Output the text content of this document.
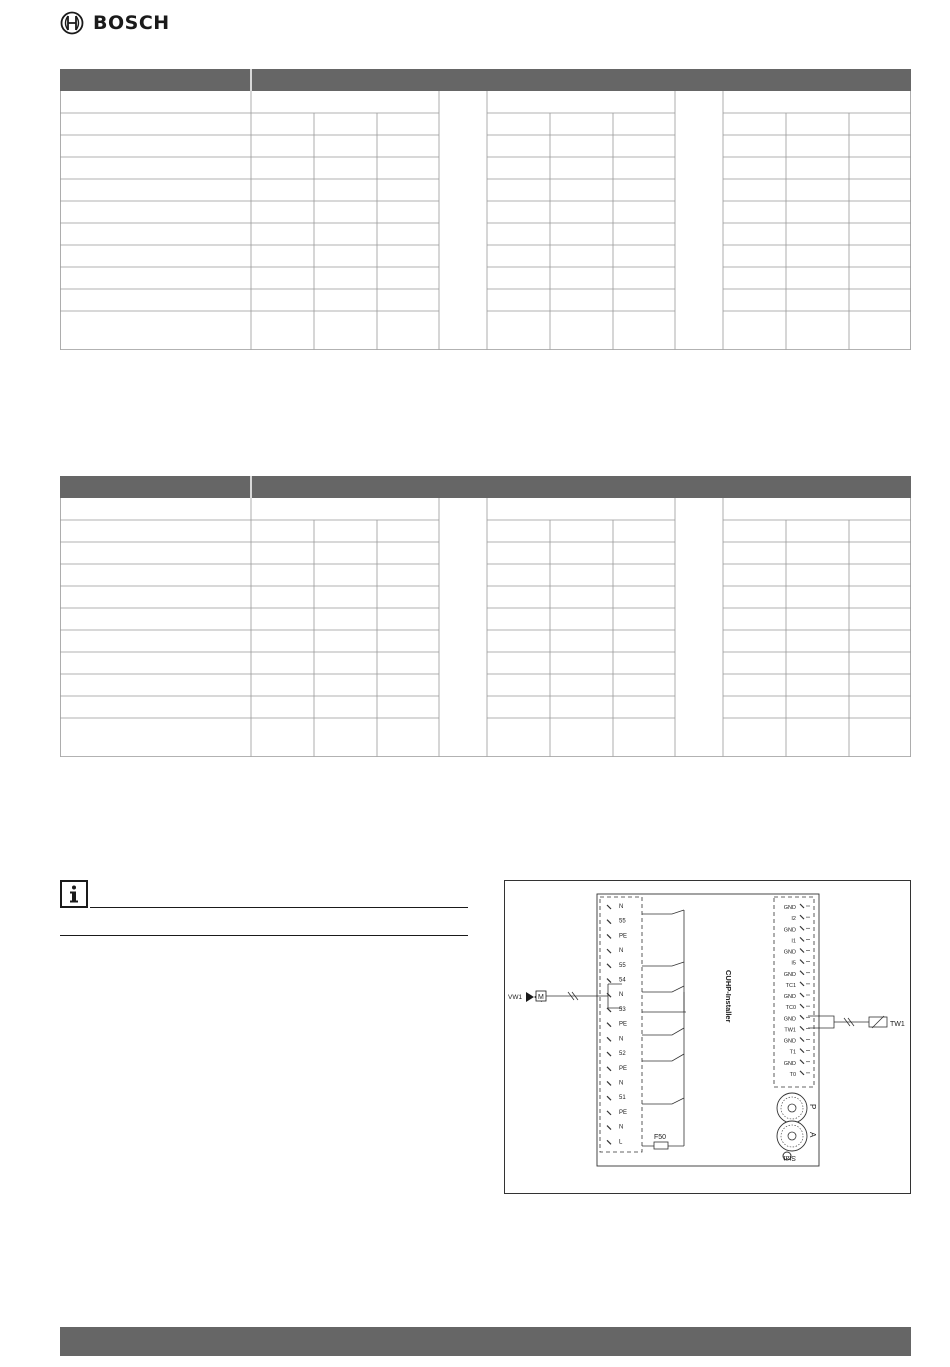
BOSCH
N
55
PE
N
55
54
N
53
PE
N
52
PE
N
51
PE
N
L
GND
I2
GND
I1
GND
I5
GND
TC1
GND
TC0
GND
TW1
GND
T1
GND
T0
F50
CUHP-Installer
M
VW1
TW1
P
A
Stat
